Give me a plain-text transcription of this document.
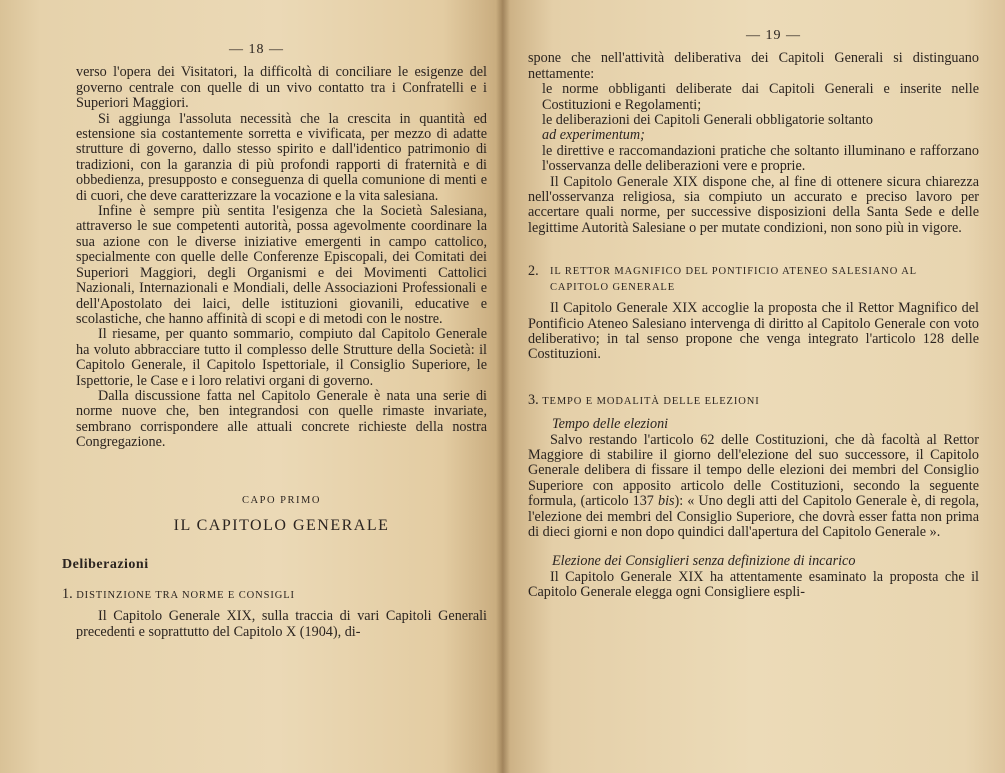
— 18 —

verso l'opera dei Visitatori, la difficoltà di conciliare le esigenze del governo centrale con quelle di un vivo contatto tra i Confratelli e i Superiori Maggiori.

Si aggiunga l'assoluta necessità che la crescita in quantità ed estensione sia costantemente sorretta e vivificata, per mezzo di adatte strutture di governo, dallo stesso spirito e dall'identico patrimonio di tradizioni, con la garanzia di più profondi rapporti di fraternità e di obbedienza, presupposto e conseguenza di quella comunione di menti e di cuori, che deve caratterizzare la vocazione e la vita salesiana.

Infine è sempre più sentita l'esigenza che la Società Salesiana, attraverso le sue competenti autorità, possa agevolmente coordinare la sua azione con le diverse iniziative emergenti in campo cattolico, specialmente con quelle delle Conferenze Episcopali, dei Comitati dei Superiori Maggiori, degli Organismi e dei Movimenti Cattolici Nazionali, Internazionali e Mondiali, delle Associazioni Professionali e dell'Apostolato dei laici, delle istituzioni giovanili, educative e scolastiche, che hanno affinità di scopi e di metodi con le nostre.

Il riesame, per quanto sommario, compiuto dal Capitolo Generale ha voluto abbracciare tutto il complesso delle Strutture della Società: il Capitolo Generale, il Capitolo Ispettoriale, il Consiglio Superiore, le Ispettorie, le Case e i loro relativi organi di governo.

Dalla discussione fatta nel Capitolo Generale è nata una serie di norme nuove che, ben integrandosi con quelle rimaste invariate, sembrano corrispondere alle attuali concrete richieste della nostra Congregazione.

CAPO PRIMO
IL CAPITOLO GENERALE
Deliberazioni
1. DISTINZIONE TRA NORME E CONSIGLI

Il Capitolo Generale XIX, sulla traccia di vari Capitoli Generali precedenti e soprattutto del Capitolo X (1904), di-

— 19 —

spone che nell'attività deliberativa dei Capitoli Generali si distinguano nettamente:

le norme obbliganti deliberate dai Capitoli Generali e inserite nelle Costituzioni e Regolamenti;

le deliberazioni dei Capitoli Generali obbligatorie soltanto
ad experimentum;

le direttive e raccomandazioni pratiche che soltanto illuminano e rafforzano l'osservanza delle deliberazioni vere e proprie.

Il Capitolo Generale XIX dispone che, al fine di ottenere sicura chiarezza nell'osservanza religiosa, sia compiuto un accurato e preciso lavoro per accertare quali norme, per successive disposizioni della Santa Sede e delle legittime Autorità Salesiane o per mutate condizioni, non sono più in vigore.

2.	IL RETTOR MAGNIFICO DEL PONTIFICIO ATENEO SALESIANO AL CAPITOLO GENERALE

Il Capitolo Generale XIX accoglie la proposta che il Rettor Magnifico del Pontificio Ateneo Salesiano intervenga di diritto al Capitolo Generale con voto deliberativo; in tal senso propone che venga integrato l'articolo 128 delle Costituzioni.

3. TEMPO E MODALITÀ DELLE ELEZIONI
Tempo delle elezioni

Salvo restando l'articolo 62 delle Costituzioni, che dà facoltà al Rettor Maggiore di stabilire il giorno dell'elezione del suo successore, il Capitolo Generale delibera di fissare il tempo delle elezioni dei membri del Consiglio Superiore con apposito articolo delle Costituzioni, secondo la seguente formula, (articolo 137 bis): « Uno degli atti del Capitolo Generale è, di regola, l'elezione dei membri del Consiglio Superiore, che dovrà esser fatta non prima di dieci giorni e non dopo quindici dall'apertura del Capitolo Generale ».

Elezione dei Consiglieri senza definizione di incarico

Il Capitolo Generale XIX ha attentamente esaminato la proposta che il Capitolo Generale elegga ogni Consigliere espli-
